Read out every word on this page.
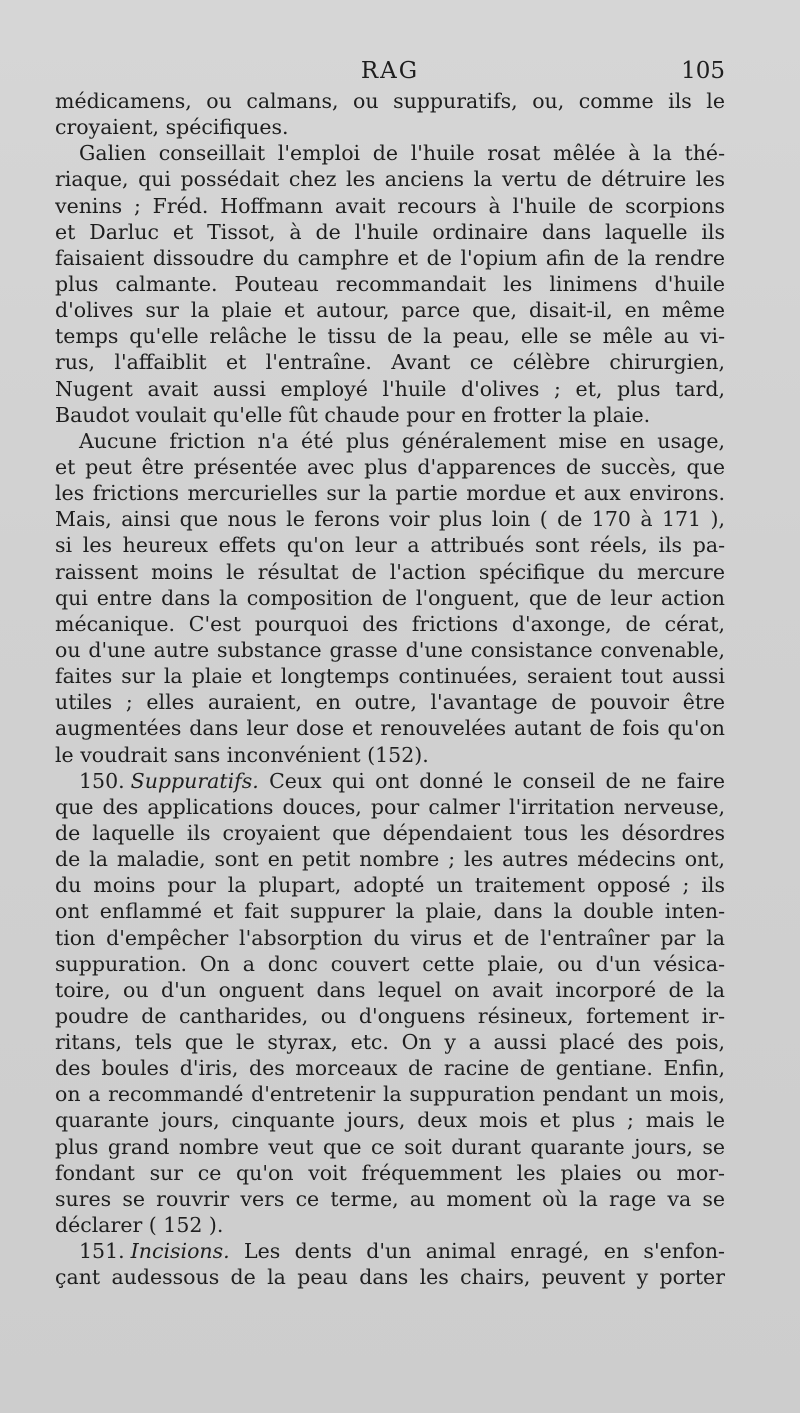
RAG	105
médicamens, ou calmans, ou suppuratifs, ou, comme ils le
croyaient, spécifiques.
Galien conseillait l'emploi de l'huile rosat mêlée à la thé-
riaque, qui possédait chez les anciens la vertu de détruire les
venins ; Fréd. Hoffmann avait recours à l'huile de scorpions
et Darluc et Tissot, à de l'huile ordinaire dans laquelle ils
faisaient dissoudre du camphre et de l'opium afin de la rendre
plus calmante. Pouteau recommandait les linimens d'huile
d'olives sur la plaie et autour, parce que, disait-il, en même
temps qu'elle relâche le tissu de la peau, elle se mêle au vi-
rus, l'affaiblit et l'entraîne. Avant ce célèbre chirurgien,
Nugent avait aussi employé l'huile d'olives ; et, plus tard,
Baudot voulait qu'elle fût chaude pour en frotter la plaie.
Aucune friction n'a été plus généralement mise en usage,
et peut être présentée avec plus d'apparences de succès, que
les frictions mercurielles sur la partie mordue et aux environs.
Mais, ainsi que nous le ferons voir plus loin ( de 170 à 171 ),
si les heureux effets qu'on leur a attribués sont réels, ils pa-
raissent moins le résultat de l'action spécifique du mercure
qui entre dans la composition de l'onguent, que de leur action
mécanique. C'est pourquoi des frictions d'axonge, de cérat,
ou d'une autre substance grasse d'une consistance convenable,
faites sur la plaie et longtemps continuées, seraient tout aussi
utiles ; elles auraient, en outre, l'avantage de pouvoir être
augmentées dans leur dose et renouvelées autant de fois qu'on
le voudrait sans inconvénient (152).
150. Suppuratifs. Ceux qui ont donné le conseil de ne faire
que des applications douces, pour calmer l'irritation nerveuse,
de laquelle ils croyaient que dépendaient tous les désordres
de la maladie, sont en petit nombre ; les autres médecins ont,
du moins pour la plupart, adopté un traitement opposé ; ils
ont enflammé et fait suppurer la plaie, dans la double inten-
tion d'empêcher l'absorption du virus et de l'entraîner par la
suppuration. On a donc couvert cette plaie, ou d'un vésica-
toire, ou d'un onguent dans lequel on avait incorporé de la
poudre de cantharides, ou d'onguens résineux, fortement ir-
ritans, tels que le styrax, etc. On y a aussi placé des pois,
des boules d'iris, des morceaux de racine de gentiane. Enfin,
on a recommandé d'entretenir la suppuration pendant un mois,
quarante jours, cinquante jours, deux mois et plus ; mais le
plus grand nombre veut que ce soit durant quarante jours, se
fondant sur ce qu'on voit fréquemment les plaies ou mor-
sures se rouvrir vers ce terme, au moment où la rage va se
déclarer ( 152 ).
151. Incisions. Les dents d'un animal enragé, en s'enfon-
çant audessous de la peau dans les chairs, peuvent y porter
